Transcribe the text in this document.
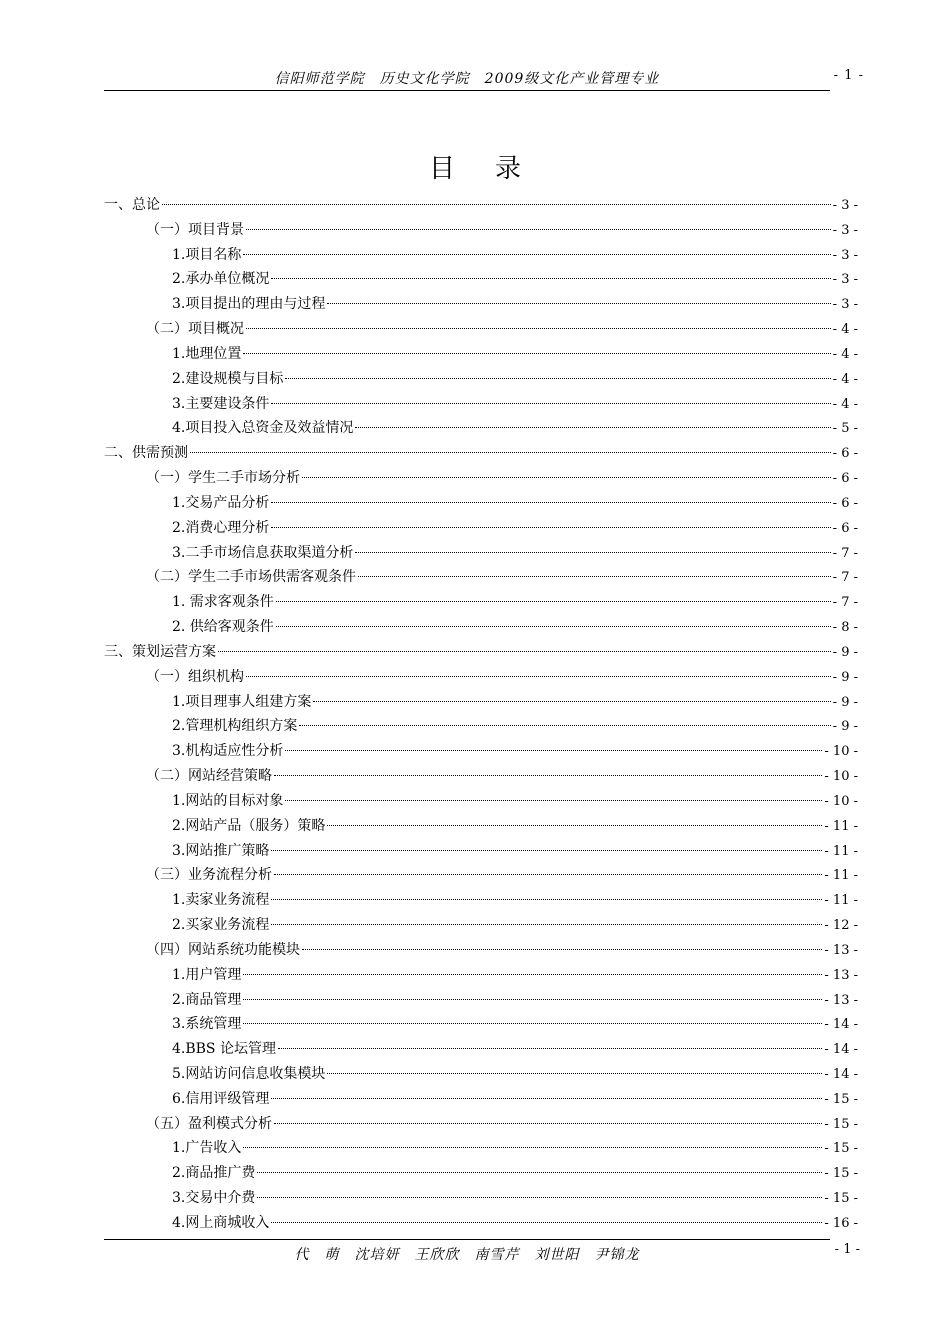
信阳师范学院　历史文化学院　2009级文化产业管理专业	- 1 -
目录
一、总论	- 3 -
（一）项目背景	- 3 -
1.项目名称	- 3 -
2.承办单位概况	- 3 -
3.项目提出的理由与过程	- 3 -
（二）项目概况	- 4 -
1.地理位置	- 4 -
2.建设规模与目标	- 4 -
3.主要建设条件	- 4 -
4.项目投入总资金及效益情况	- 5 -
二、供需预测	- 6 -
（一）学生二手市场分析	- 6 -
1.交易产品分析	- 6 -
2.消费心理分析	- 6 -
3.二手市场信息获取渠道分析	- 7 -
（二）学生二手市场供需客观条件	- 7 -
1. 需求客观条件	- 7 -
2. 供给客观条件	- 8 -
三、策划运营方案	- 9 -
（一）组织机构	- 9 -
1.项目理事人组建方案	- 9 -
2.管理机构组织方案	- 9 -
3.机构适应性分析	- 10 -
（二）网站经营策略	- 10 -
1.网站的目标对象	- 10 -
2.网站产品（服务）策略	- 11 -
3.网站推广策略	- 11 -
（三）业务流程分析	- 11 -
1.卖家业务流程	- 11 -
2.买家业务流程	- 12 -
（四）网站系统功能模块	- 13 -
1.用户管理	- 13 -
2.商品管理	- 13 -
3.系统管理	- 14 -
4.BBS 论坛管理	- 14 -
5.网站访问信息收集模块	- 14 -
6.信用评级管理	- 15 -
（五）盈利模式分析	- 15 -
1.广告收入	- 15 -
2.商品推广费	- 15 -
3.交易中介费	- 15 -
4.网上商城收入	- 16 -
代　萌　沈培妍　王欣欣　南雪芹　刘世阳　尹锦龙	- 1 -
